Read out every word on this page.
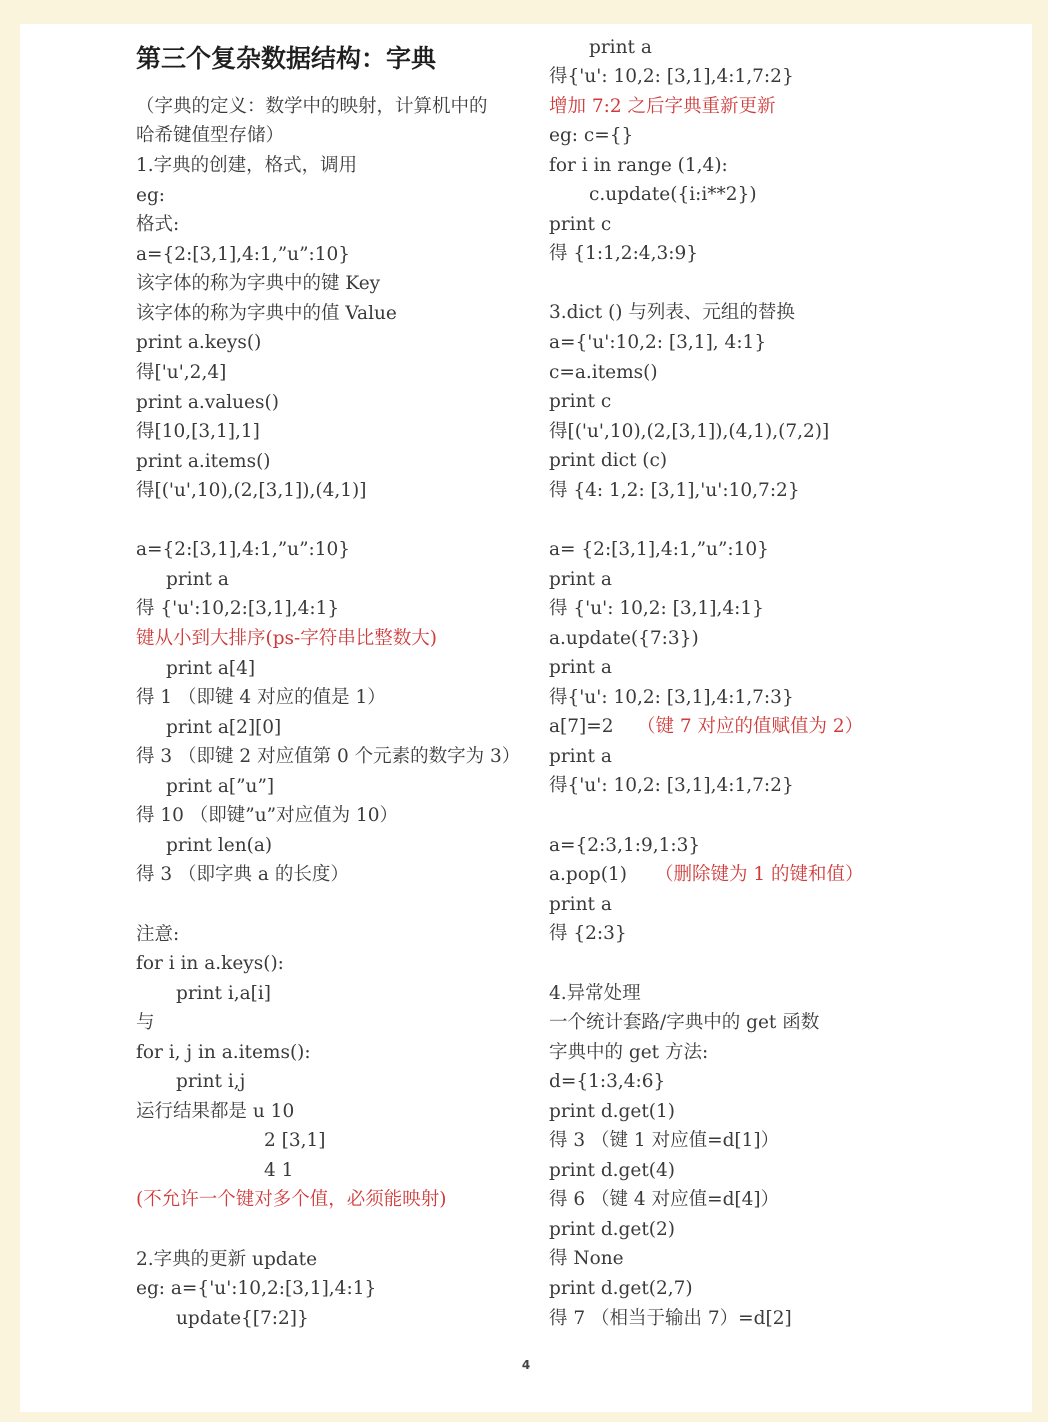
第三个复杂数据结构：字典
（字典的定义：数学中的映射，计算机中的
哈希键值型存储）
1.字典的创建，格式，调用
eg:
格式:
a={2:[3,1],4:1,”u”:10}
该字体的称为字典中的键 Key
该字体的称为字典中的值 Value
print a.keys()
得['u',2,4]
print a.values()
得[10,[3,1],1]
print a.items()
得[('u',10),(2,[3,1]),(4,1)]
a={2:[3,1],4:1,”u”:10}
print a
得 {'u':10,2:[3,1],4:1}
键从小到大排序(ps-字符串比整数大)
print a[4]
得 1 （即键 4 对应的值是 1）
print a[2][0]
得 3 （即键 2 对应值第 0 个元素的数字为 3）
print a[”u”]
得 10 （即键”u”对应值为 10）
print len(a)
得 3 （即字典 a 的长度）
注意:
for i in a.keys():
print i,a[i]
与
for i, j in a.items():
print i,j
运行结果都是 u 10
2 [3,1]
4 1
(不允许一个键对多个值，必须能映射)
2.字典的更新 update
eg: a={'u':10,2:[3,1],4:1}
update{[7:2]}
print a
得{'u': 10,2: [3,1],4:1,7:2}
增加 7:2 之后字典重新更新
eg: c={}
for i in range (1,4):
c.update({i:i**2})
print c
得 {1:1,2:4,3:9}
3.dict () 与列表、元组的替换
a={'u':10,2: [3,1], 4:1}
c=a.items()
print c
得[('u',10),(2,[3,1]),(4,1),(7,2)]
print dict (c)
得 {4: 1,2: [3,1],'u':10,7:2}
a= {2:[3,1],4:1,”u”:10}
print a
得 {'u': 10,2: [3,1],4:1}
a.update({7:3})
print a
得{'u': 10,2: [3,1],4:1,7:3}
a[7]=2 （键 7 对应的值赋值为 2）
print a
得{'u': 10,2: [3,1],4:1,7:2}
a={2:3,1:9,1:3}
a.pop(1) （删除键为 1 的键和值）
print a
得 {2:3}
4.异常处理
一个统计套路/字典中的 get 函数
字典中的 get 方法:
d={1:3,4:6}
print d.get(1)
得 3 （键 1 对应值=d[1]）
print d.get(4)
得 6 （键 4 对应值=d[4]）
print d.get(2)
得 None
print d.get(2,7)
得 7 （相当于输出 7）=d[2]
4
